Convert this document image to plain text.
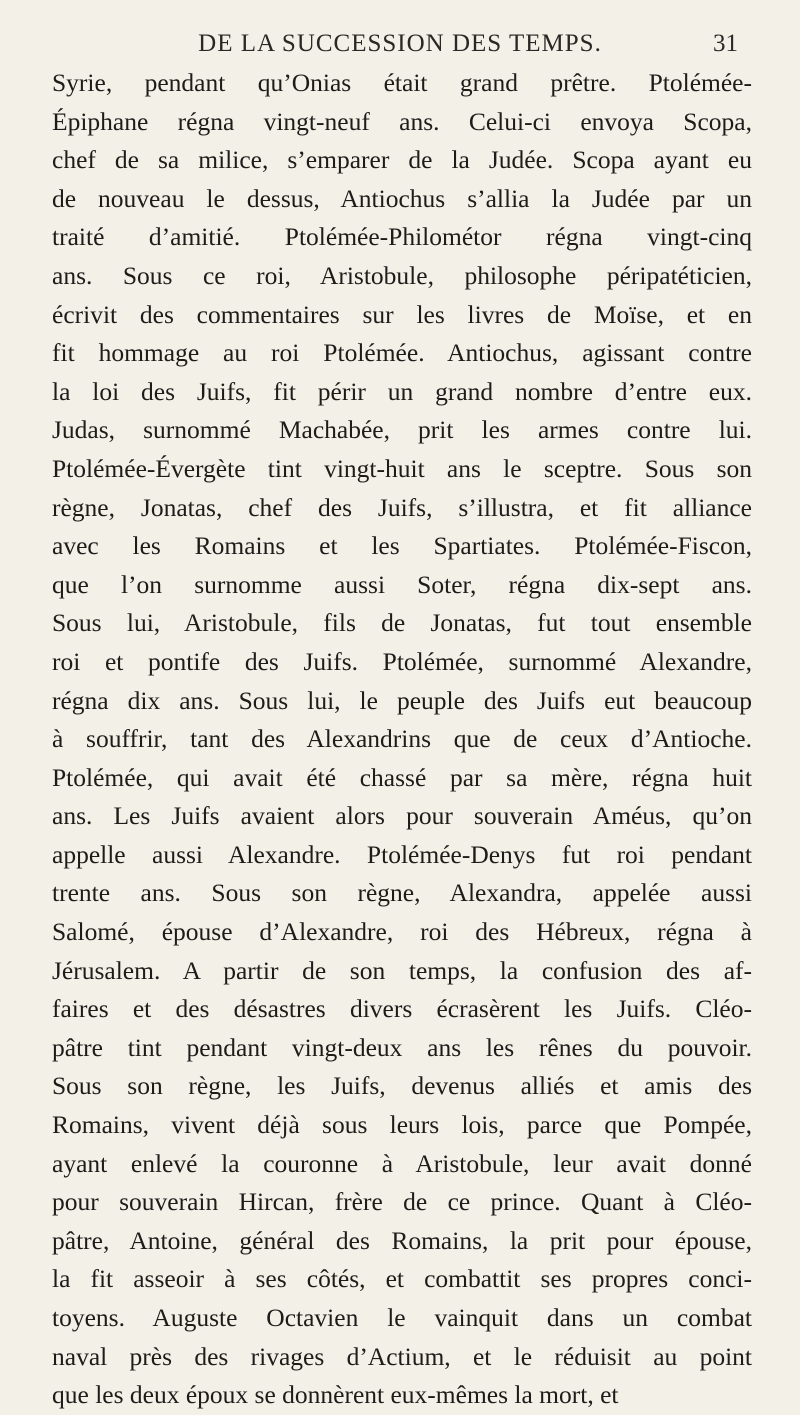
DE LA SUCCESSION DES TEMPS.	31
Syrie, pendant qu’Onias était grand prêtre. Ptolémée-
Épiphane régna vingt-neuf ans. Celui-ci envoya Scopa,
chef de sa milice, s’emparer de la Judée. Scopa ayant eu
de nouveau le dessus, Antiochus s’allia la Judée par un
traité d’amitié. Ptolémée-Philométor régna vingt-cinq
ans. Sous ce roi, Aristobule, philosophe péripatéticien,
écrivit des commentaires sur les livres de Moïse, et en
fit hommage au roi Ptolémée. Antiochus, agissant contre
la loi des Juifs, fit périr un grand nombre d’entre eux.
Judas, surnommé Machabée, prit les armes contre lui.
Ptolémée-Évergète tint vingt-huit ans le sceptre. Sous son
règne, Jonatas, chef des Juifs, s’illustra, et fit alliance
avec les Romains et les Spartiates. Ptolémée-Fiscon,
que l’on surnomme aussi Soter, régna dix-sept ans.
Sous lui, Aristobule, fils de Jonatas, fut tout ensemble
roi et pontife des Juifs. Ptolémée, surnommé Alexandre,
régna dix ans. Sous lui, le peuple des Juifs eut beaucoup
à souffrir, tant des Alexandrins que de ceux d’Antioche.
Ptolémée, qui avait été chassé par sa mère, régna huit
ans. Les Juifs avaient alors pour souverain Améus, qu’on
appelle aussi Alexandre. Ptolémée-Denys fut roi pendant
trente ans. Sous son règne, Alexandra, appelée aussi
Salomé, épouse d’Alexandre, roi des Hébreux, régna à
Jérusalem. A partir de son temps, la confusion des af-
faires et des désastres divers écrasèrent les Juifs. Cléo-
pâtre tint pendant vingt-deux ans les rênes du pouvoir.
Sous son règne, les Juifs, devenus alliés et amis des
Romains, vivent déjà sous leurs lois, parce que Pompée,
ayant enlevé la couronne à Aristobule, leur avait donné
pour souverain Hircan, frère de ce prince. Quant à Cléo-
pâtre, Antoine, général des Romains, la prit pour épouse,
la fit asseoir à ses côtés, et combattit ses propres conci-
toyens. Auguste Octavien le vainquit dans un combat
naval près des rivages d’Actium, et le réduisit au point
que les deux époux se donnèrent eux-mêmes la mort, et
